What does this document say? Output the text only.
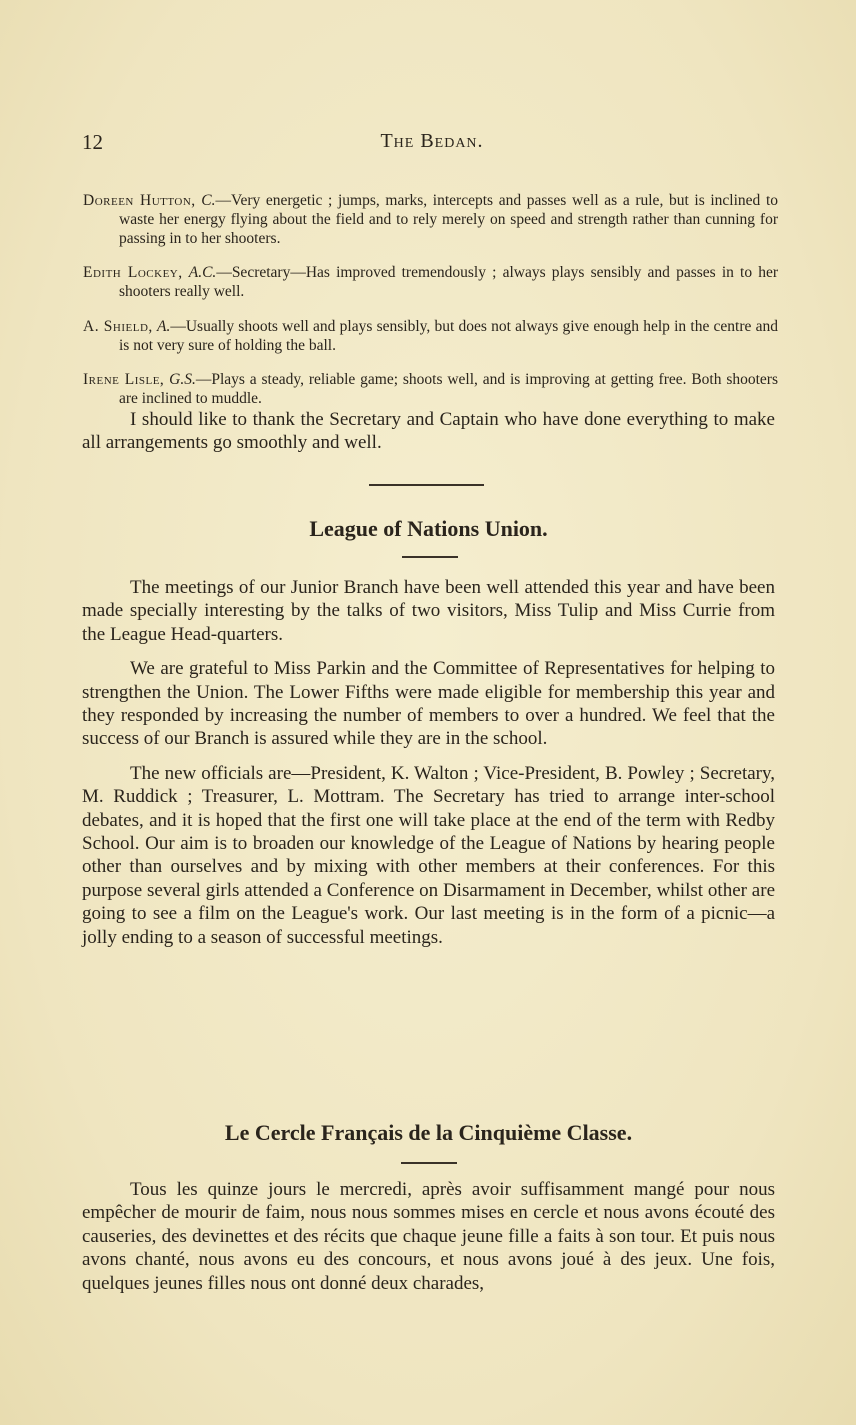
12	The Bedan.

Doreen Hutton, C.—Very energetic ; jumps, marks, intercepts and passes well as a rule, but is inclined to waste her energy flying about the field and to rely merely on speed and strength rather than cunning for passing in to her shooters.

Edith Lockey, A.C.—Secretary—Has improved tremendously ; always plays sensibly and passes in to her shooters really well.

A. Shield, A.—Usually shoots well and plays sensibly, but does not always give enough help in the centre and is not very sure of holding the ball.

Irene Lisle, G.S.—Plays a steady, reliable game; shoots well, and is improving at getting free. Both shooters are inclined to muddle.

I should like to thank the Secretary and Captain who have done everything to make all arrangements go smoothly and well.

League of Nations Union.

The meetings of our Junior Branch have been well attended this year and have been made specially interesting by the talks of two visitors, Miss Tulip and Miss Currie from the League Head-quarters.

We are grateful to Miss Parkin and the Committee of Representatives for helping to strengthen the Union. The Lower Fifths were made eligible for membership this year and they responded by increasing the number of members to over a hundred. We feel that the success of our Branch is assured while they are in the school.

The new officials are—President, K. Walton ; Vice-President, B. Powley ; Secretary, M. Ruddick ; Treasurer, L. Mottram. The Secretary has tried to arrange inter-school debates, and it is hoped that the first one will take place at the end of the term with Redby School. Our aim is to broaden our knowledge of the League of Nations by hearing people other than ourselves and by mixing with other members at their conferences. For this purpose several girls attended a Conference on Disarmament in December, whilst other are going to see a film on the League's work. Our last meeting is in the form of a picnic—a jolly ending to a season of successful meetings.

Le Cercle Français de la Cinquième Classe.

Tous les quinze jours le mercredi, après avoir suffisamment mangé pour nous empêcher de mourir de faim, nous nous sommes mises en cercle et nous avons écouté des causeries, des devinettes et des récits que chaque jeune fille a faits à son tour. Et puis nous avons chanté, nous avons eu des concours, et nous avons joué à des jeux. Une fois, quelques jeunes filles nous ont donné deux charades,
